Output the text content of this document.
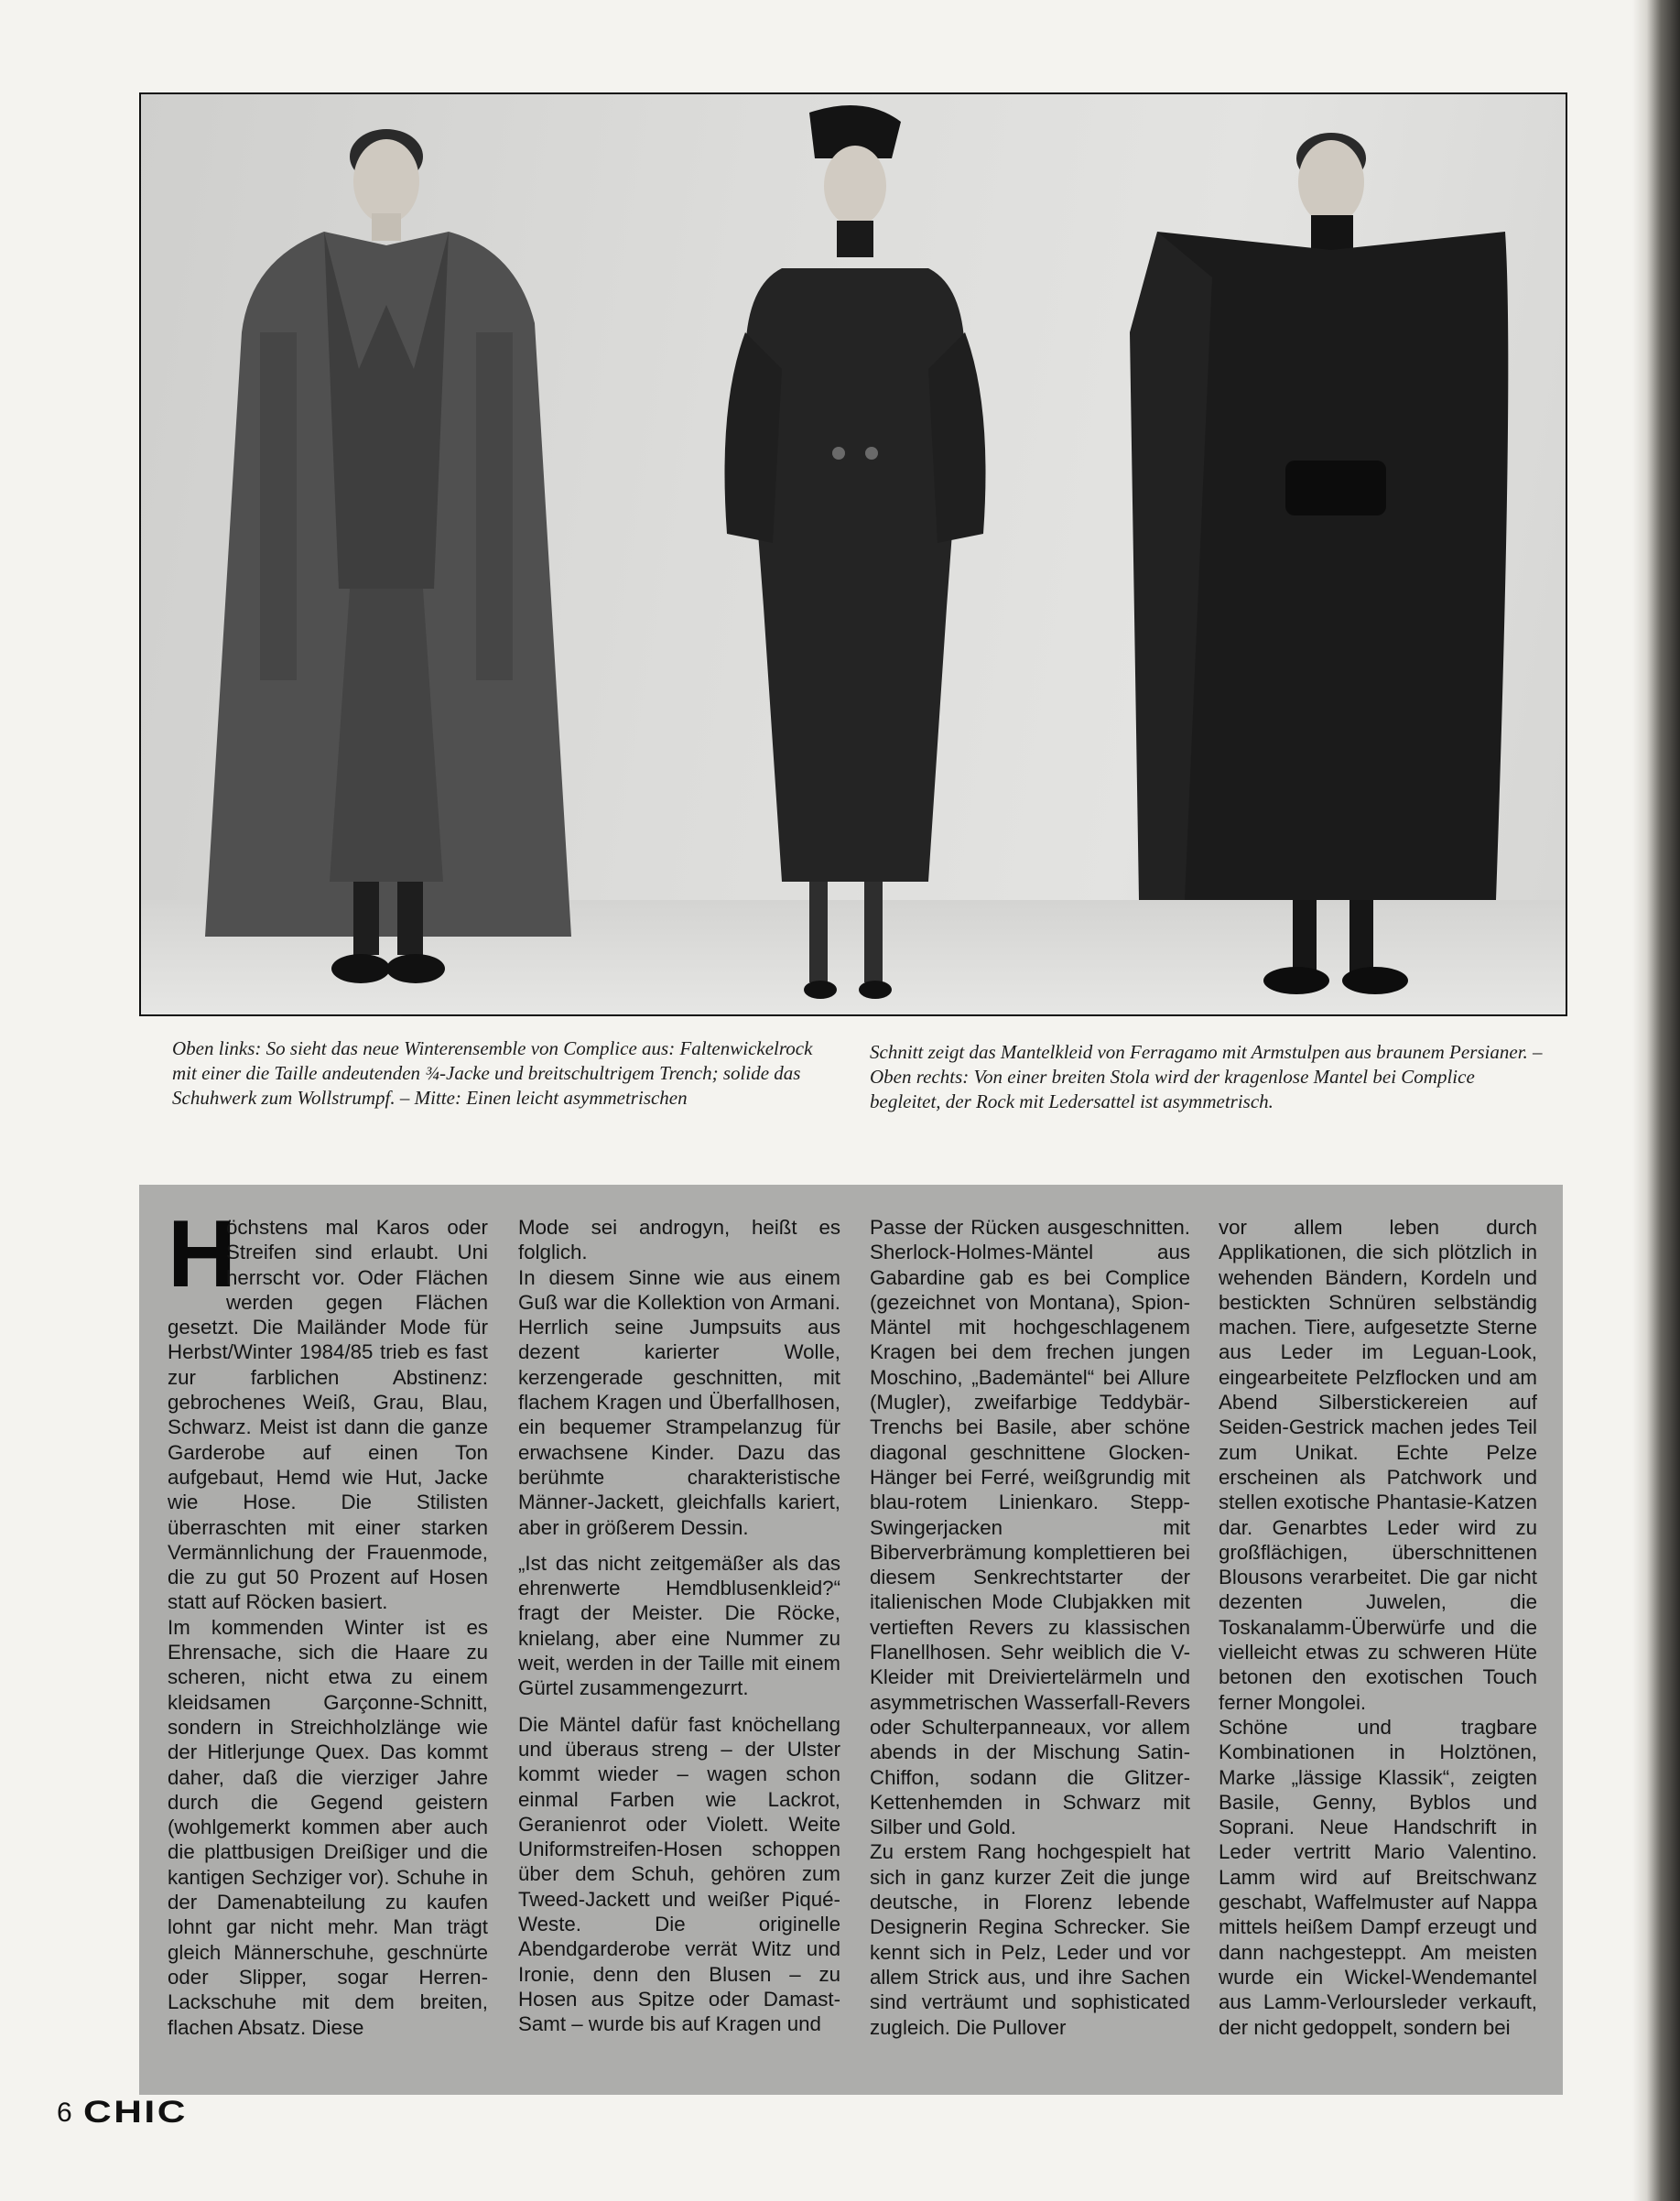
Oben links: So sieht das neue Winterensemble von Complice aus: Faltenwickelrock mit einer die Taille andeutenden ¾-Jacke und breitschultrigem Trench; solide das Schuhwerk zum Wollstrumpf. – Mitte: Einen leicht asymmetrischen

Schnitt zeigt das Mantelkleid von Ferragamo mit Armstulpen aus braunem Persianer. – Oben rechts: Von einer breiten Stola wird der kragenlose Mantel bei Complice begleitet, der Rock mit Ledersattel ist asymmetrisch.

H

öchstens mal Karos oder Streifen sind erlaubt. Uni herrscht vor. Oder Flächen werden gegen Flächen gesetzt. Die Mailänder Mode für Herbst/Winter 1984/85 trieb es fast zur farblichen Abstinenz: gebrochenes Weiß, Grau, Blau, Schwarz. Meist ist dann die ganze Garderobe auf einen Ton aufgebaut, Hemd wie Hut, Jacke wie Hose. Die Stilisten überraschten mit einer starken Vermännlichung der Frauenmode, die zu gut 50 Prozent auf Hosen statt auf Röcken basiert.

Im kommenden Winter ist es Ehrensache, sich die Haare zu scheren, nicht etwa zu einem kleidsamen Garçonne-Schnitt, sondern in Streichholzlänge wie der Hitlerjunge Quex. Das kommt daher, daß die vierziger Jahre durch die Gegend geistern (wohlgemerkt kommen aber auch die plattbusigen Dreißiger und die kantigen Sechziger vor). Schuhe in der Damenabteilung zu kaufen lohnt gar nicht mehr. Man trägt gleich Männerschuhe, geschnürte oder Slipper, sogar Herren-Lackschuhe mit dem breiten, flachen Absatz. Diese

Mode sei androgyn, heißt es folglich.

In diesem Sinne wie aus einem Guß war die Kollektion von Armani. Herrlich seine Jumpsuits aus dezent karierter Wolle, kerzengerade geschnitten, mit flachem Kragen und Überfallhosen, ein bequemer Strampelanzug für erwachsene Kinder. Dazu das berühmte charakteristische Männer-Jackett, gleichfalls kariert, aber in größerem Dessin.

„Ist das nicht zeitgemäßer als das ehrenwerte Hemdblusenkleid?“ fragt der Meister. Die Röcke, knielang, aber eine Nummer zu weit, werden in der Taille mit einem Gürtel zusammengezurrt.

Die Mäntel dafür fast knöchellang und überaus streng – der Ulster kommt wieder – wagen schon einmal Farben wie Lackrot, Geranienrot oder Violett. Weite Uniformstreifen-Hosen schoppen über dem Schuh, gehören zum Tweed-Jackett und weißer Piqué-Weste. Die originelle Abendgarderobe verrät Witz und Ironie, denn den Blusen – zu Hosen aus Spitze oder Damast-Samt – wurde bis auf Kragen und

Passe der Rücken ausgeschnitten. Sherlock-Holmes-Mäntel aus Gabardine gab es bei Complice (gezeichnet von Montana), Spion-Mäntel mit hochgeschlagenem Kragen bei dem frechen jungen Moschino, „Bademäntel“ bei Allure (Mugler), zweifarbige Teddybär-Trenchs bei Basile, aber schöne diagonal geschnittene Glocken-Hänger bei Ferré, weißgrundig mit blau-rotem Linienkaro. Stepp-Swingerjacken mit Biberverbrämung komplettieren bei diesem Senkrechtstarter der italienischen Mode Clubjakken mit vertieften Revers zu klassischen Flanellhosen. Sehr weiblich die V-Kleider mit Dreiviertelärmeln und asymmetrischen Wasserfall-Revers oder Schulterpanneaux, vor allem abends in der Mischung Satin-Chiffon, sodann die Glitzer-Kettenhemden in Schwarz mit Silber und Gold.

Zu erstem Rang hochgespielt hat sich in ganz kurzer Zeit die junge deutsche, in Florenz lebende Designerin Regina Schrecker. Sie kennt sich in Pelz, Leder und vor allem Strick aus, und ihre Sachen sind verträumt und sophisticated zugleich. Die Pullover

vor allem leben durch Applikationen, die sich plötzlich in wehenden Bändern, Kordeln und bestickten Schnüren selbständig machen. Tiere, aufgesetzte Sterne aus Leder im Leguan-Look, eingearbeitete Pelzflocken und am Abend Silberstickereien auf Seiden-Gestrick machen jedes Teil zum Unikat. Echte Pelze erscheinen als Patchwork und stellen exotische Phantasie-Katzen dar. Genarbtes Leder wird zu großflächigen, überschnittenen Blousons verarbeitet. Die gar nicht dezenten Juwelen, die Toskanalamm-Überwürfe und die vielleicht etwas zu schweren Hüte betonen den exotischen Touch ferner Mongolei.

Schöne und tragbare Kombinationen in Holztönen, Marke „lässige Klassik“, zeigten Basile, Genny, Byblos und Soprani. Neue Handschrift in Leder vertritt Mario Valentino. Lamm wird auf Breitschwanz geschabt, Waffelmuster auf Nappa mittels heißem Dampf erzeugt und dann nachgesteppt. Am meisten wurde ein Wickel-Wendemantel aus Lamm-Verloursleder verkauft, der nicht gedoppelt, sondern bei

6 CHIC
